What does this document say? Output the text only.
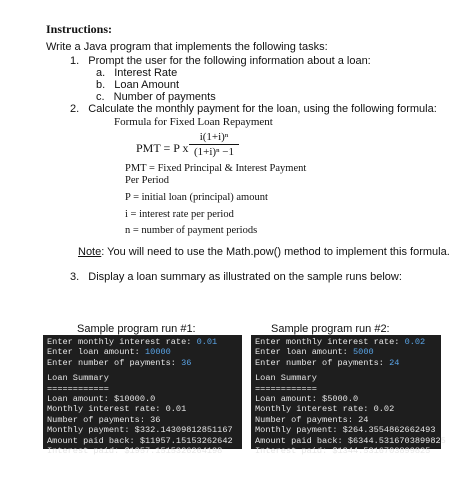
Instructions:
Write a Java program that implements the following tasks:
1. Prompt the user for the following information about a loan:
a. Interest Rate
b. Loan Amount
c. Number of payments
2. Calculate the monthly payment for the loan, using the following formula:
Formula for Fixed Loan Repayment
PMT = P x
i(1+i)ⁿ
(1+i)ⁿ −1
PMT = Fixed Principal & Interest Payment
Per Period
P = initial loan (principal) amount
i = interest rate per period
n = number of payment periods
Note: You will need to use the Math.pow() method to implement this formula.
3. Display a loan summary as illustrated on the sample runs below:
Sample program run #1:
Enter monthly interest rate: 0.01
Enter loan amount: 10000
Enter number of payments: 36
Loan Summary
============
Loan amount: $10000.0
Monthly interest rate: 0.01
Number of payments: 36
Monthly payment: $332.14309812851167
Amount paid back: $11957.15153262642
Interest paid: $1957.1515326264198
Sample program run #2:
Enter monthly interest rate: 0.02
Enter loan amount: 5000
Enter number of payments: 24
Loan Summary
============
Loan amount: $5000.0
Monthly interest rate: 0.02
Number of payments: 24
Monthly payment: $264.3554862662493
Amount paid back: $6344.5316703899825
Interest paid: $1344.5316703899825
